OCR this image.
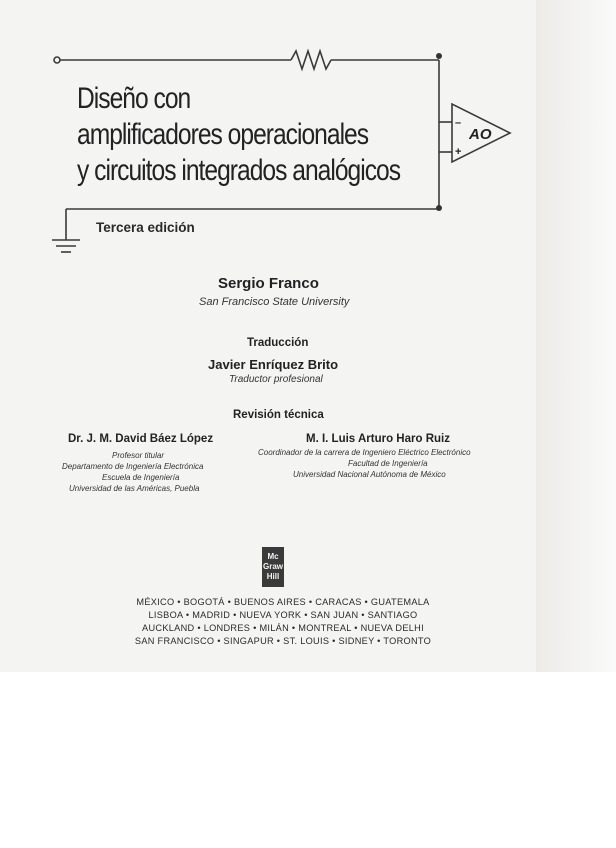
AO
–
+
Diseño con
amplificadores operacionales
y circuitos integrados analógicos
Tercera edición
Sergio Franco
San Francisco State University
Traducción
Javier Enríquez Brito
Traductor profesional
Revisión técnica
Dr. J. M. David Báez López
Profesor titular
Departamento de Ingeniería Electrónica
Escuela de Ingeniería
Universidad de las Américas, Puebla
M. I. Luis Arturo Haro Ruiz
Coordinador de la carrera de Ingeniero Eléctrico Electrónico
Facultad de Ingeniería
Universidad Nacional Autónoma de México
Mc
Graw
Hill
MÉXICO • BOGOTÁ • BUENOS AIRES • CARACAS • GUATEMALA
LISBOA • MADRID • NUEVA YORK • SAN JUAN • SANTIAGO
AUCKLAND • LONDRES • MILÁN • MONTREAL • NUEVA DELHI
SAN FRANCISCO • SINGAPUR • ST. LOUIS • SIDNEY • TORONTO
